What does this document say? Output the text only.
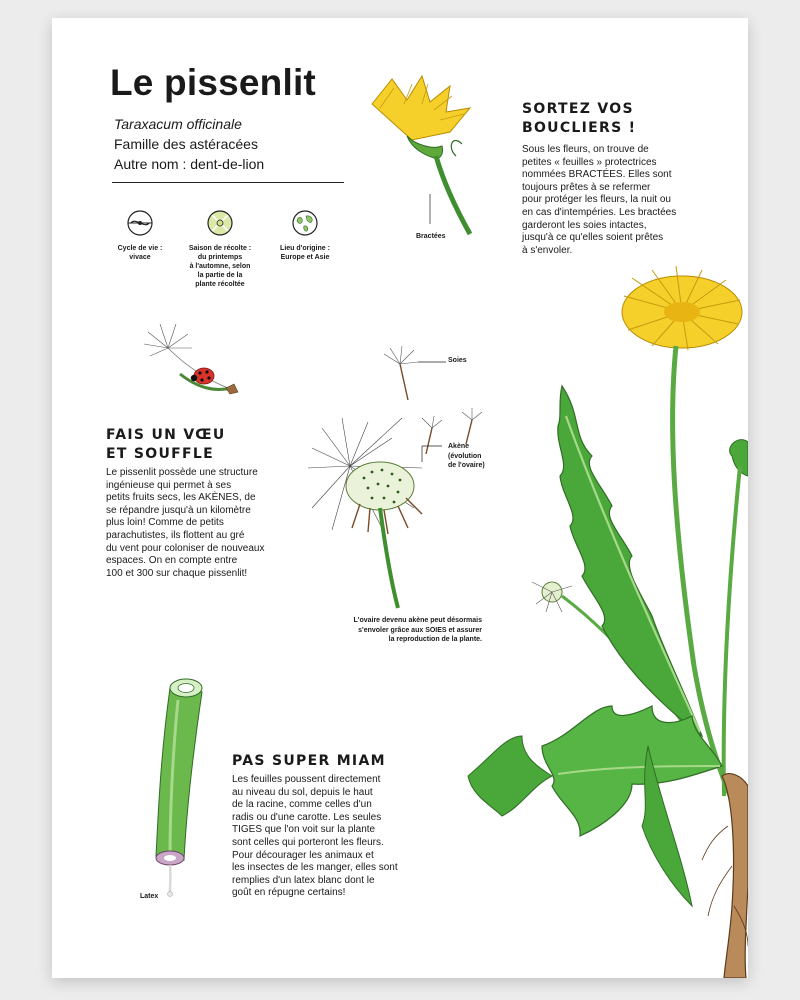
Le pissenlit
Taraxacum officinale
Famille des astéracées
Autre nom : dent-de-lion
Cycle de vie :
vivace
Saison de récolte :
du printemps
à l'automne, selon
la partie de la
plante récoltée
Lieu d'origine :
Europe et Asie
Bractées
SORTEZ VOS
BOUCLIERS !
Sous les fleurs, on trouve de
petites « feuilles » protectrices
nommées BRACTÉES. Elles sont
toujours prêtes à se refermer
pour protéger les fleurs, la nuit ou
en cas d'intempéries. Les bractées
garderont les soies intactes,
jusqu'à ce qu'elles soient prêtes
à s'envoler.
FAIS UN VŒU
ET SOUFFLE
Le pissenlit possède une structure
ingénieuse qui permet à ses
petits fruits secs, les AKÈNES, de
se répandre jusqu'à un kilomètre
plus loin! Comme de petits
parachutistes, ils flottent au gré
du vent pour coloniser de nouveaux
espaces. On en compte entre
100 et 300 sur chaque pissenlit!
Soies
Akène
(évolution
de l'ovaire)
L'ovaire devenu akène peut désormais
s'envoler grâce aux SOIES et assurer
la reproduction de la plante.
Latex
PAS SUPER MIAM
Les feuilles poussent directement
au niveau du sol, depuis le haut
de la racine, comme celles d'un
radis ou d'une carotte. Les seules
TIGES que l'on voit sur la plante
sont celles qui porteront les fleurs.
Pour décourager les animaux et
les insectes de les manger, elles sont
remplies d'un latex blanc dont le
goût en répugne certains!
